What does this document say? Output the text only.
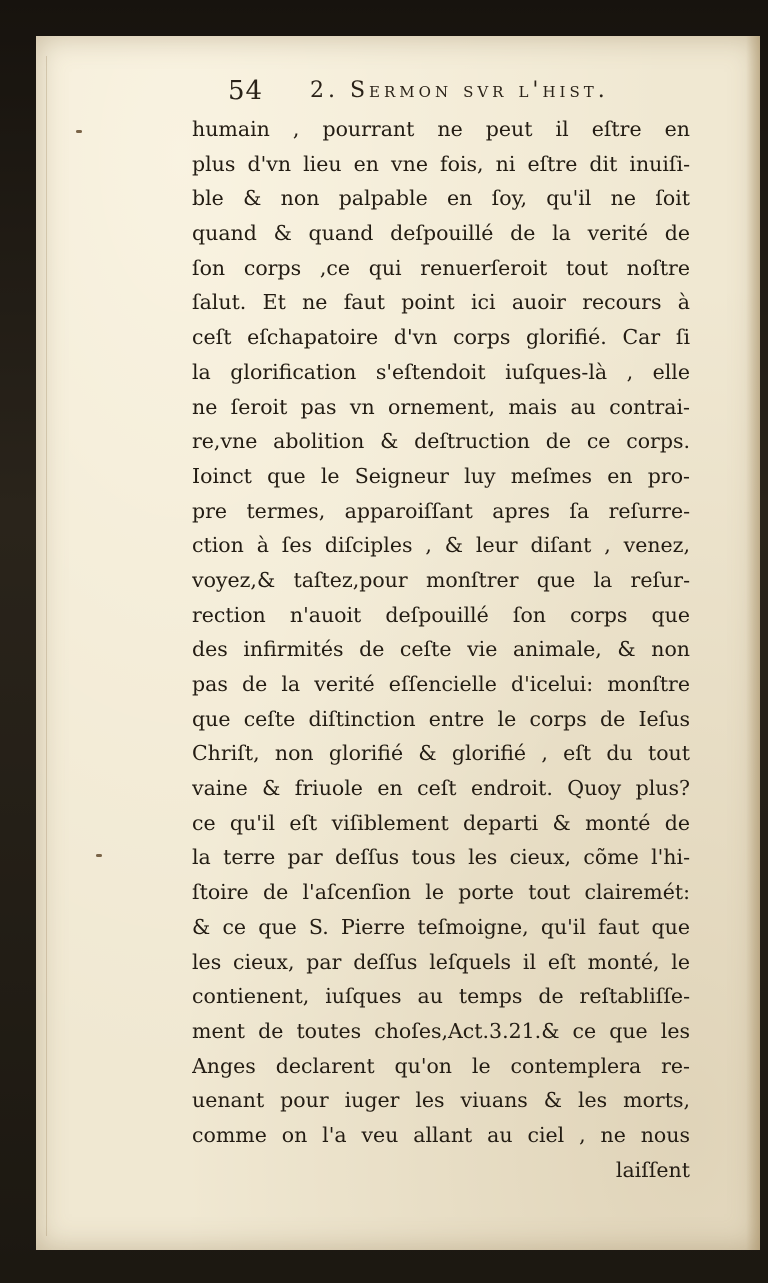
54 2. Sermon svr l'hist.
humain , pourrant ne peut il eſtre en
plus d'vn lieu en vne fois, ni eſtre dit inuiſi-
ble & non palpable en ſoy, qu'il ne ſoit
quand & quand deſpouillé de la verité de
ſon corps ,ce qui renuerſeroit tout noſtre
ſalut. Et ne faut point ici auoir recours à
ceſt eſchapatoire d'vn corps glorifié. Car ſi
la glorification s'eſtendoit iuſques-là , elle
ne ſeroit pas vn ornement, mais au contrai-
re,vne abolition & deſtruction de ce corps.
Ioinct que le Seigneur luy meſmes en pro-
pre termes, apparoiſſant apres ſa reſurre-
ction à ſes diſciples , & leur diſant , venez,
voyez,& taſtez,pour monſtrer que la reſur-
rection n'auoit deſpouillé ſon corps que
des infirmités de ceſte vie animale, & non
pas de la verité eſſencielle d'icelui: monſtre
que ceſte diſtinction entre le corps de Ieſus
Chriſt, non glorifié & glorifié , eſt du tout
vaine & friuole en ceſt endroit. Quoy plus?
ce qu'il eſt viſiblement departi & monté de
la terre par deſſus tous les cieux, cõme l'hi-
ſtoire de l'aſcenſion le porte tout clairemét:
& ce que S. Pierre teſmoigne, qu'il faut que
les cieux, par deſſus leſquels il eſt monté, le
contienent, iuſques au temps de reſtabliſſe-
ment de toutes choſes,Act.3.21.& ce que les
Anges declarent qu'on le contemplera re-
uenant pour iuger les viuans & les morts,
comme on l'a veu allant au ciel , ne nous
laiſſent
